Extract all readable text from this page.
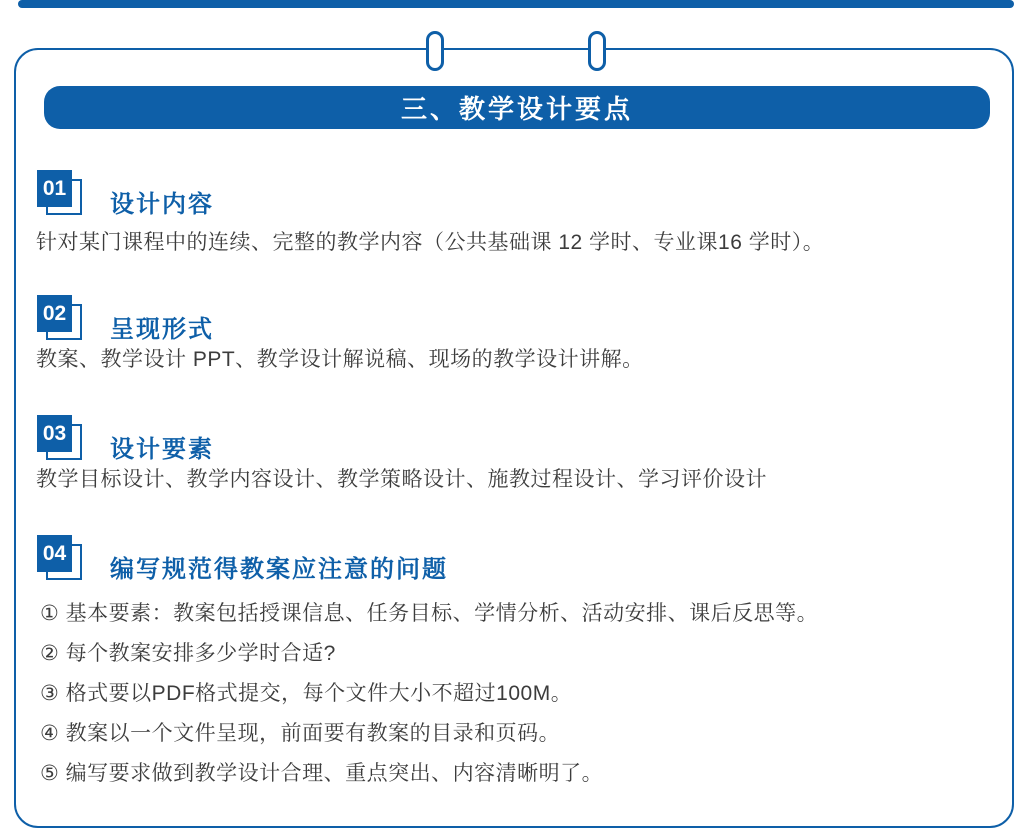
三、教学设计要点
01
设计内容
针对某门课程中的连续、完整的教学内容（公共基础课 12 学时、专业课16 学时）。
02
呈现形式
教案、教学设计 PPT、教学设计解说稿、现场的教学设计讲解。
03
设计要素
教学目标设计、教学内容设计、教学策略设计、施教过程设计、学习评价设计
04
编写规范得教案应注意的问题
① 基本要素：教案包括授课信息、任务目标、学情分析、活动安排、课后反思等。
② 每个教案安排多少学时合适?
③ 格式要以PDF格式提交，每个文件大小不超过100M。
④ 教案以一个文件呈现，前面要有教案的目录和页码。
⑤ 编写要求做到教学设计合理、重点突出、内容清晰明了。
